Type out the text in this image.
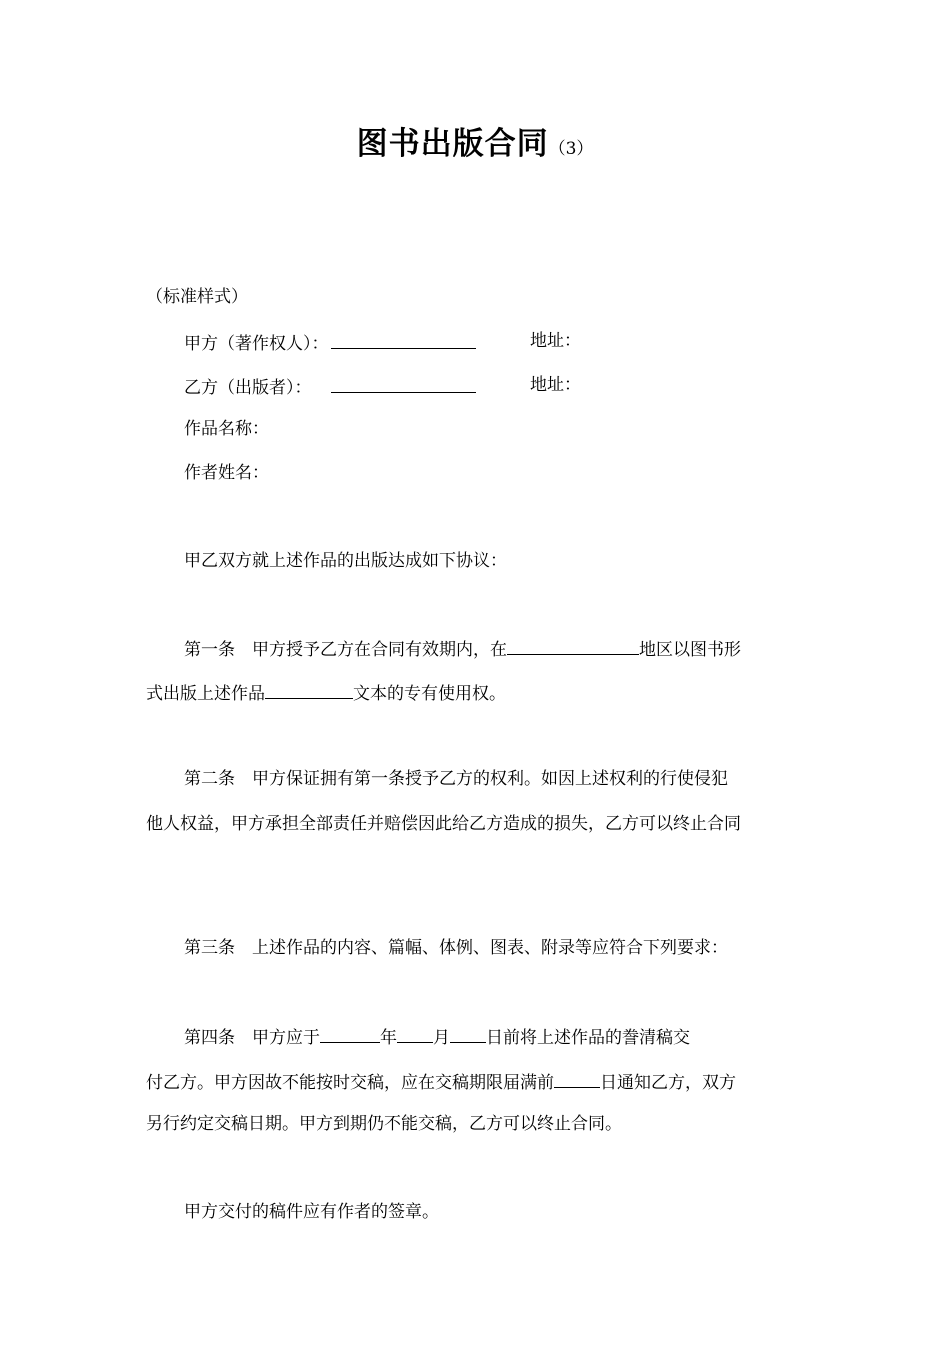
图书出版合同（3）
（标准样式）
甲方（著作权人）：	地址：
乙方（出版者）：	地址：
作品名称：
作者姓名：
甲乙双方就上述作品的出版达成如下协议：
第一条　甲方授予乙方在合同有效期内，在	地区以图书形
式出版上述作品	文本的专有使用权。
第二条　甲方保证拥有第一条授予乙方的权利。如因上述权利的行使侵犯
他人权益，甲方承担全部责任并赔偿因此给乙方造成的损失，乙方可以终止合同
第三条　上述作品的内容、篇幅、体例、图表、附录等应符合下列要求：
第四条　甲方应于	年 月 日前将上述作品的誊清稿交
付乙方。甲方因故不能按时交稿，应在交稿期限届满前	日通知乙方，双方
另行约定交稿日期。甲方到期仍不能交稿，乙方可以终止合同。
甲方交付的稿件应有作者的签章。
